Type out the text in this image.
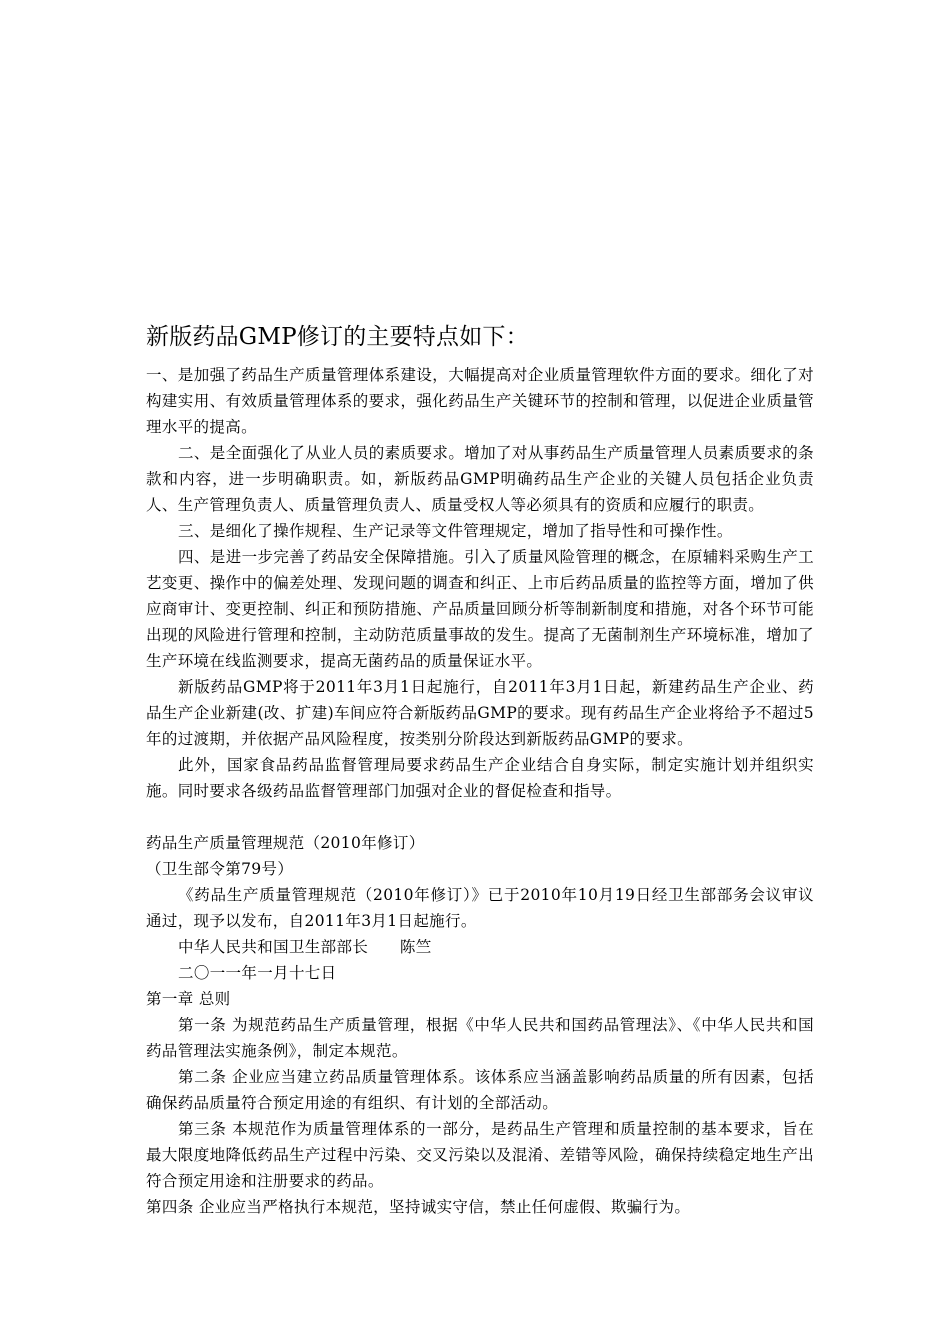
新版药品GMP修订的主要特点如下：

一、是加强了药品生产质量管理体系建设，大幅提高对企业质量管理软件方面的要求。细化了对构建实用、有效质量管理体系的要求，强化药品生产关键环节的控制和管理，以促进企业质量管理水平的提高。

二、是全面强化了从业人员的素质要求。增加了对从事药品生产质量管理人员素质要求的条款和内容，进一步明确职责。如，新版药品GMP明确药品生产企业的关键人员包括企业负责人、生产管理负责人、质量管理负责人、质量受权人等必须具有的资质和应履行的职责。

三、是细化了操作规程、生产记录等文件管理规定，增加了指导性和可操作性。

四、是进一步完善了药品安全保障措施。引入了质量风险管理的概念，在原辅料采购生产工艺变更、操作中的偏差处理、发现问题的调查和纠正、上市后药品质量的监控等方面，增加了供应商审计、变更控制、纠正和预防措施、产品质量回顾分析等制新制度和措施，对各个环节可能出现的风险进行管理和控制，主动防范质量事故的发生。提高了无菌制剂生产环境标准，增加了生产环境在线监测要求，提高无菌药品的质量保证水平。

新版药品GMP将于2011年3月1日起施行，自2011年3月1日起，新建药品生产企业、药品生产企业新建(改、扩建)车间应符合新版药品GMP的要求。现有药品生产企业将给予不超过5年的过渡期，并依据产品风险程度，按类别分阶段达到新版药品GMP的要求。

此外，国家食品药品监督管理局要求药品生产企业结合自身实际，制定实施计划并组织实施。同时要求各级药品监督管理部门加强对企业的督促检查和指导。

药品生产质量管理规范（2010年修订）

（卫生部令第79号）

《药品生产质量管理规范（2010年修订）》已于2010年10月19日经卫生部部务会议审议通过，现予以发布，自2011年3月1日起施行。

中华人民共和国卫生部部长　　陈竺

二〇一一年一月十七日

第一章 总则

第一条 为规范药品生产质量管理，根据《中华人民共和国药品管理法》、《中华人民共和国药品管理法实施条例》，制定本规范。

第二条 企业应当建立药品质量管理体系。该体系应当涵盖影响药品质量的所有因素，包括确保药品质量符合预定用途的有组织、有计划的全部活动。

第三条 本规范作为质量管理体系的一部分，是药品生产管理和质量控制的基本要求，旨在最大限度地降低药品生产过程中污染、交叉污染以及混淆、差错等风险，确保持续稳定地生产出符合预定用途和注册要求的药品。

第四条 企业应当严格执行本规范，坚持诚实守信，禁止任何虚假、欺骗行为。
